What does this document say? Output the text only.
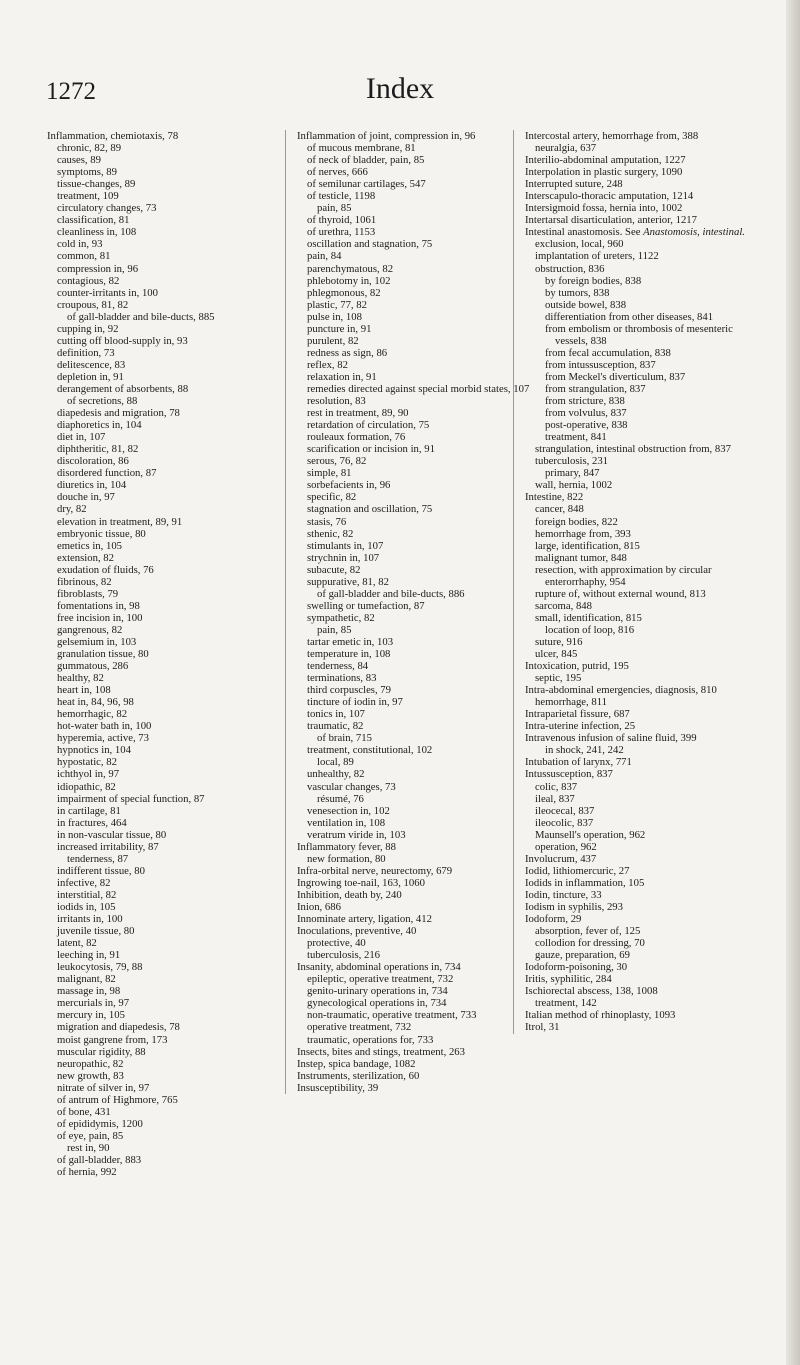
1272	Index
Inflammation, chemiotaxis, 78
chronic, 82, 89
causes, 89
symptoms, 89
tissue-changes, 89
treatment, 109
circulatory changes, 73
classification, 81
cleanliness in, 108
cold in, 93
common, 81
compression in, 96
contagious, 82
counter-irritants in, 100
croupous, 81, 82
of gall-bladder and bile-ducts, 885
cupping in, 92
cutting off blood-supply in, 93
definition, 73
delitescence, 83
depletion in, 91
derangement of absorbents, 88
of secretions, 88
diapedesis and migration, 78
diaphoretics in, 104
diet in, 107
diphtheritic, 81, 82
discoloration, 86
disordered function, 87
diuretics in, 104
douche in, 97
dry, 82
elevation in treatment, 89, 91
embryonic tissue, 80
emetics in, 105
extension, 82
exudation of fluids, 76
fibrinous, 82
fibroblasts, 79
fomentations in, 98
free incision in, 100
gangrenous, 82
gelsemium in, 103
granulation tissue, 80
gummatous, 286
healthy, 82
heart in, 108
heat in, 84, 96, 98
hemorrhagic, 82
hot-water bath in, 100
hyperemia, active, 73
hypnotics in, 104
hypostatic, 82
ichthyol in, 97
idiopathic, 82
impairment of special function, 87
in cartilage, 81
in fractures, 464
in non-vascular tissue, 80
increased irritability, 87
tenderness, 87
indifferent tissue, 80
infective, 82
interstitial, 82
iodids in, 105
irritants in, 100
juvenile tissue, 80
latent, 82
leeching in, 91
leukocytosis, 79, 88
malignant, 82
massage in, 98
mercurials in, 97
mercury in, 105
migration and diapedesis, 78
moist gangrene from, 173
muscular rigidity, 88
neuropathic, 82
new growth, 83
nitrate of silver in, 97
of antrum of Highmore, 765
of bone, 431
of epididymis, 1200
of eye, pain, 85
rest in, 90
of gall-bladder, 883
of hernia, 992
Inflammation of joint, compression in, 96
of mucous membrane, 81
of neck of bladder, pain, 85
of nerves, 666
of semilunar cartilages, 547
of testicle, 1198
pain, 85
of thyroid, 1061
of urethra, 1153
oscillation and stagnation, 75
pain, 84
parenchymatous, 82
phlebotomy in, 102
phlegmonous, 82
plastic, 77, 82
pulse in, 108
puncture in, 91
purulent, 82
redness as sign, 86
reflex, 82
relaxation in, 91
remedies directed against special morbid states, 107
resolution, 83
rest in treatment, 89, 90
retardation of circulation, 75
rouleaux formation, 76
scarification or incision in, 91
serous, 76, 82
simple, 81
sorbefacients in, 96
specific, 82
stagnation and oscillation, 75
stasis, 76
sthenic, 82
stimulants in, 107
strychnin in, 107
subacute, 82
suppurative, 81, 82
of gall-bladder and bile-ducts, 886
swelling or tumefaction, 87
sympathetic, 82
pain, 85
tartar emetic in, 103
temperature in, 108
tenderness, 84
terminations, 83
third corpuscles, 79
tincture of iodin in, 97
tonics in, 107
traumatic, 82
of brain, 715
treatment, constitutional, 102
local, 89
unhealthy, 82
vascular changes, 73
résumé, 76
venesection in, 102
ventilation in, 108
veratrum viride in, 103
Inflammatory fever, 88
new formation, 80
Infra-orbital nerve, neurectomy, 679
Ingrowing toe-nail, 163, 1060
Inhibition, death by, 240
Inion, 686
Innominate artery, ligation, 412
Inoculations, preventive, 40
protective, 40
tuberculosis, 216
Insanity, abdominal operations in, 734
epileptic, operative treatment, 732
genito-urinary operations in, 734
gynecological operations in, 734
non-traumatic, operative treatment, 733
operative treatment, 732
traumatic, operations for, 733
Insects, bites and stings, treatment, 263
Instep, spica bandage, 1082
Instruments, sterilization, 60
Insusceptibility, 39
Intercostal artery, hemorrhage from, 388
neuralgia, 637
Interilio-abdominal amputation, 1227
Interpolation in plastic surgery, 1090
Interrupted suture, 248
Interscapulo-thoracic amputation, 1214
Intersigmoid fossa, hernia into, 1002
Intertarsal disarticulation, anterior, 1217
Intestinal anastomosis. See Anastomosis, intestinal.
exclusion, local, 960
implantation of ureters, 1122
obstruction, 836
by foreign bodies, 838
by tumors, 838
outside bowel, 838
differentiation from other diseases, 841
from embolism or thrombosis of mesenteric vessels, 838
from fecal accumulation, 838
from intussusception, 837
from Meckel's diverticulum, 837
from strangulation, 837
from stricture, 838
from volvulus, 837
post-operative, 838
treatment, 841
strangulation, intestinal obstruction from, 837
tuberculosis, 231
primary, 847
wall, hernia, 1002
Intestine, 822
cancer, 848
foreign bodies, 822
hemorrhage from, 393
large, identification, 815
malignant tumor, 848
resection, with approximation by circular enterorrhaphy, 954
rupture of, without external wound, 813
sarcoma, 848
small, identification, 815
location of loop, 816
suture, 916
ulcer, 845
Intoxication, putrid, 195
septic, 195
Intra-abdominal emergencies, diagnosis, 810
hemorrhage, 811
Intraparietal fissure, 687
Intra-uterine infection, 25
Intravenous infusion of saline fluid, 399
in shock, 241, 242
Intubation of larynx, 771
Intussusception, 837
colic, 837
ileal, 837
ileocecal, 837
ileocolic, 837
Maunsell's operation, 962
operation, 962
Involucrum, 437
Iodid, lithiomercuric, 27
Iodids in inflammation, 105
Iodin, tincture, 33
Iodism in syphilis, 293
Iodoform, 29
absorption, fever of, 125
collodion for dressing, 70
gauze, preparation, 69
Iodoform-poisoning, 30
Iritis, syphilitic, 284
Ischiorectal abscess, 138, 1008
treatment, 142
Italian method of rhinoplasty, 1093
Itrol, 31
